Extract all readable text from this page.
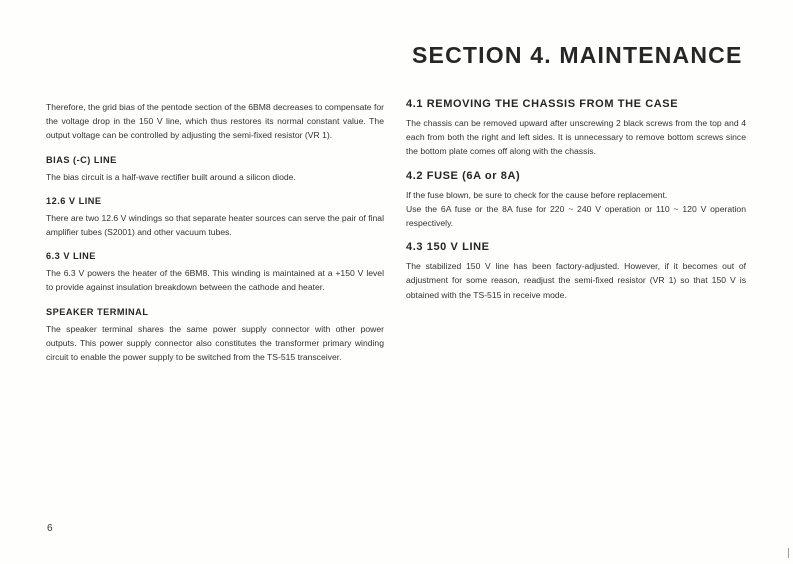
SECTION 4. MAINTENANCE

Therefore, the grid bias of the pentode section of the 6BM8 decreases to compensate for the voltage drop in the 150 V line, which thus restores its normal constant value. The output voltage can be controlled by adjusting the semi-fixed resistor (VR 1).

BIAS (-C) LINE

The bias circuit is a half-wave rectifier built around a silicon diode.

12.6 V LINE

There are two 12.6 V windings so that separate heater sources can serve the pair of final amplifier tubes (S2001) and other vacuum tubes.

6.3 V LINE

The 6.3 V powers the heater of the 6BM8. This winding is maintained at a +150 V level to provide against insulation breakdown between the cathode and heater.

SPEAKER TERMINAL

The speaker terminal shares the same power supply connector with other power outputs. This power supply connector also constitutes the transformer primary winding circuit to enable the power supply to be switched from the TS-515 transceiver.

4.1 REMOVING THE CHASSIS FROM THE CASE

The chassis can be removed upward after unscrewing 2 black screws from the top and 4 each from both the right and left sides. It is unnecessary to remove bottom screws since the bottom plate comes off along with the chassis.

4.2 FUSE (6A or 8A)

If the fuse blown, be sure to check for the cause before replacement.

Use the 6A fuse or the 8A fuse for 220 ~ 240 V operation or 110 ~ 120 V operation respectively.

4.3 150 V LINE

The stabilized 150 V line has been factory-adjusted. However, if it becomes out of adjustment for some reason, readjust the semi-fixed resistor (VR 1) so that 150 V is obtained with the TS-515 in receive mode.

6
